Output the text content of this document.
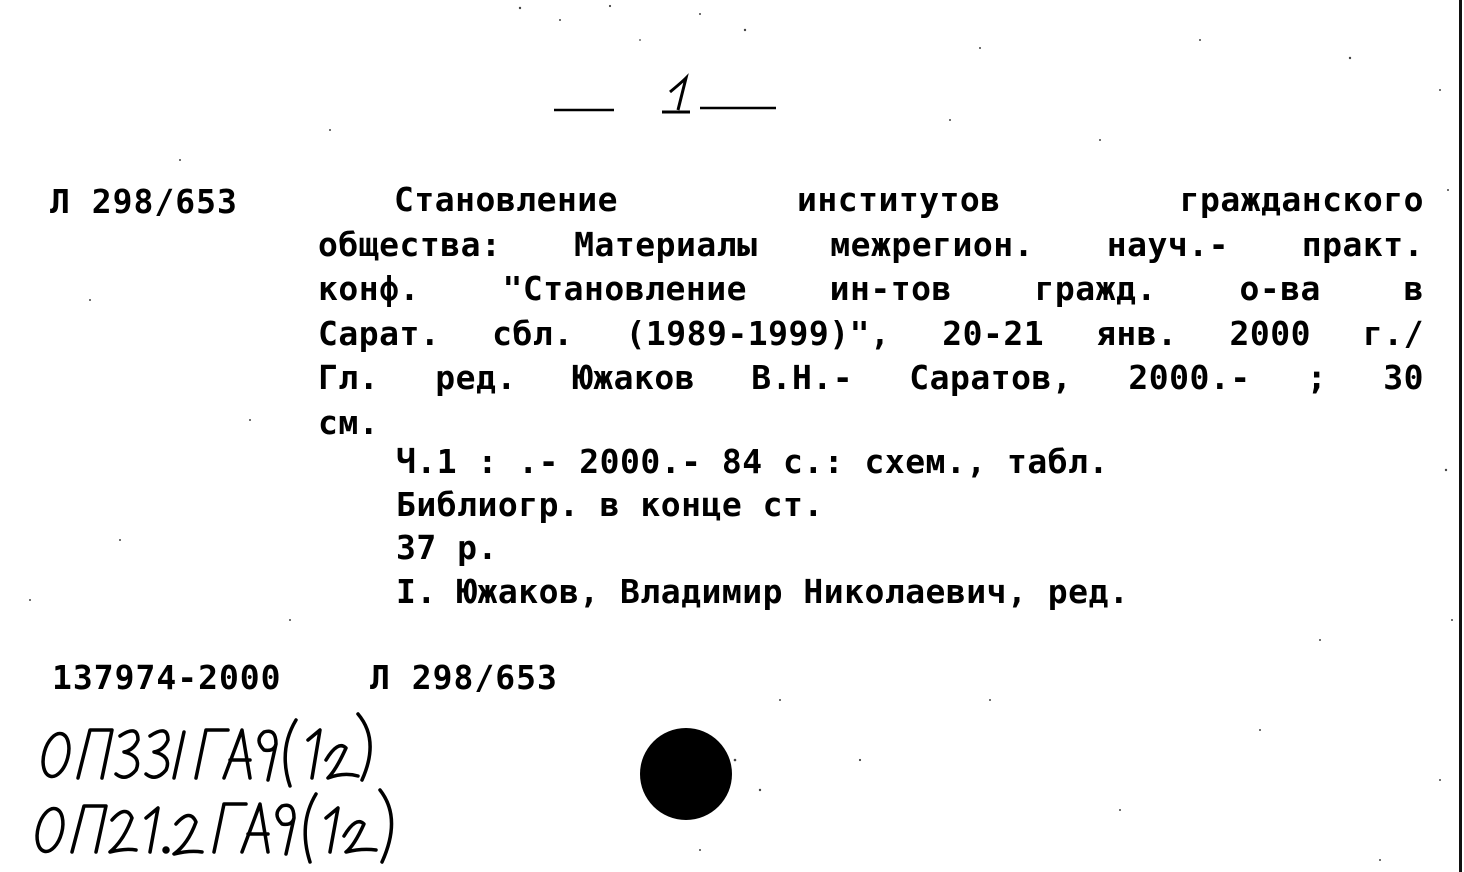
Л 298/653	Становление институтов гражданского
общества: Материалы межрегион. науч.- практ.
конф. "Становление ин-тов гражд. о-ва в
Сарат. сбл. (1989-1999)", 20-21 янв. 2000 г./
Гл. ред. Южаков В.Н.- Саратов, 2000.- ; 30
см.
Ч.1 : .- 2000.- 84 с.: схем., табл.
Библиогр. в конце ст.
37 р.
I. Южаков, Владимир Николаевич, ред.
137974-2000	Л 298/653
